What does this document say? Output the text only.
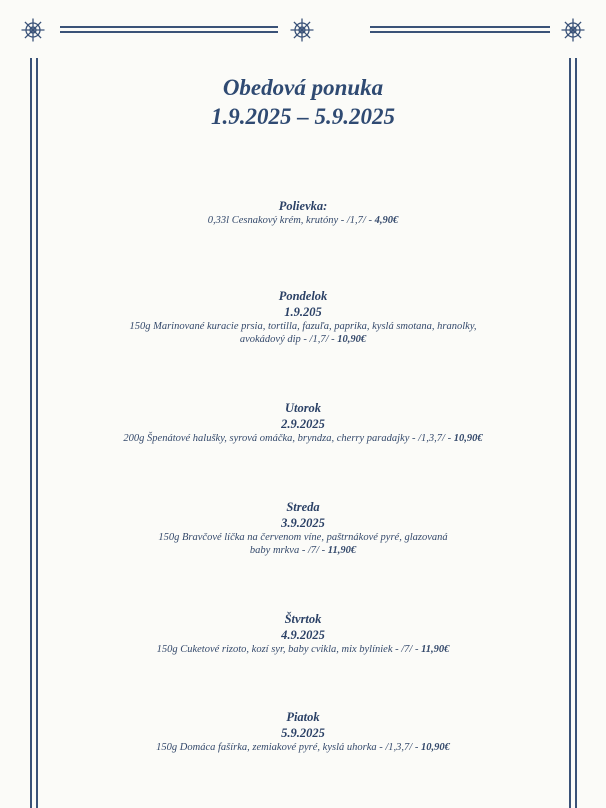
Obedová ponuka
1.9.2025 – 5.9.2025
Polievka:
0,33l Cesnakový krém, krutóny - /1,7/ - 4,90€
Pondelok
1.9.205
150g Marinované kuracie prsia, tortilla, fazuľa, paprika, kyslá smotana, hranolky,
avokádový dip - /1,7/ - 10,90€
Utorok
2.9.2025
200g Špenátové halušky, syrová omáčka, bryndza, cherry paradajky - /1,3,7/ - 10,90€
Streda
3.9.2025
150g Bravčové líčka na červenom víne, paštrnákové pyré, glazovaná
baby mrkva - /7/ - 11,90€
Štvrtok
4.9.2025
150g Cuketové rizoto, kozí syr, baby cvikla, mix bylíniek - /7/ - 11,90€
Piatok
5.9.2025
150g Domáca fašírka, zemiakové pyré, kyslá uhorka - /1,3,7/ - 10,90€
